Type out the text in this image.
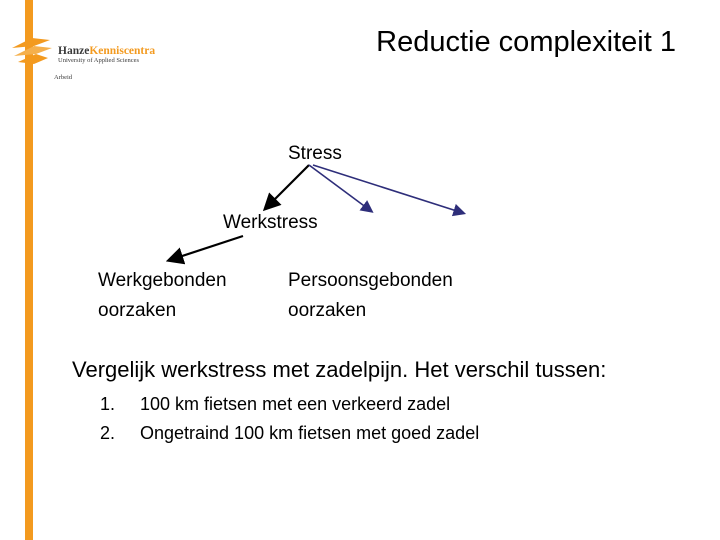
HanzeKenniscentra
University of Applied Sciences
Arbeid
Reductie complexiteit 1
Stress
Werkstress
Werkgebonden
oorzaken
Persoonsgebonden
oorzaken
Vergelijk werkstress met zadelpijn. Het verschil tussen:
1. 100 km fietsen met een verkeerd zadel
2. Ongetraind 100 km fietsen met goed zadel
